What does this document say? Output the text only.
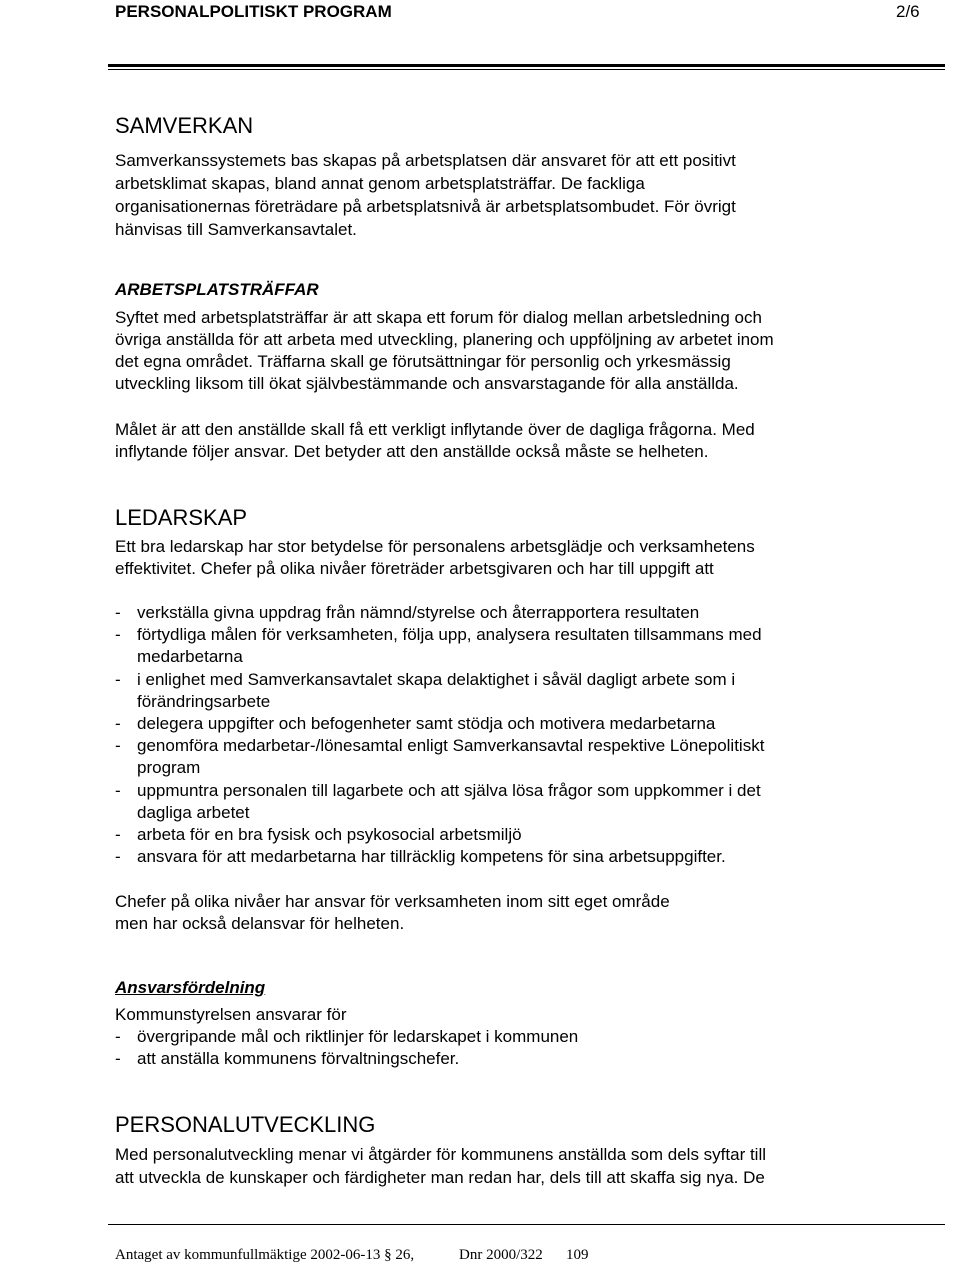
PERSONALPOLITISKT PROGRAM	2/6
SAMVERKAN
Samverkanssystemets bas skapas på arbetsplatsen där ansvaret för att ett positivt
arbetsklimat skapas, bland annat genom arbetsplatsträffar. De fackliga
organisationernas företrädare på arbetsplatsnivå är arbetsplatsombudet. För övrigt
hänvisas till Samverkansavtalet.
ARBETSPLATSTRÄFFAR
Syftet med arbetsplatsträffar är att skapa ett forum för dialog mellan arbetsledning och
övriga anställda för att arbeta med utveckling, planering och uppföljning av arbetet inom
det egna området. Träffarna skall ge förutsättningar för personlig och yrkesmässig
utveckling liksom till ökat självbestämmande och ansvarstagande för alla anställda.
Målet är att den anställde skall få ett verkligt inflytande över de dagliga frågorna. Med
inflytande följer ansvar. Det betyder att den anställde också måste se helheten.
LEDARSKAP
Ett bra ledarskap har stor betydelse för personalens arbetsglädje och verksamhetens
effektivitet. Chefer på olika nivåer företräder arbetsgivaren och har till uppgift att
- verkställa givna uppdrag från nämnd/styrelse och återrapportera resultaten
- förtydliga målen för verksamheten, följa upp, analysera resultaten tillsammans med
medarbetarna
- i enlighet med Samverkansavtalet skapa delaktighet i såväl dagligt arbete som i
förändringsarbete
- delegera uppgifter och befogenheter samt stödja och motivera medarbetarna
- genomföra medarbetar-/lönesamtal enligt Samverkansavtal respektive Lönepolitiskt
program
- uppmuntra personalen till lagarbete och att själva lösa frågor som uppkommer i det
dagliga arbetet
- arbeta för en bra fysisk och psykosocial arbetsmiljö
- ansvara för att medarbetarna har tillräcklig kompetens för sina arbetsuppgifter.
Chefer på olika nivåer har ansvar för verksamheten inom sitt eget område
men har också delansvar för helheten.
Ansvarsfördelning
Kommunstyrelsen ansvarar för
- övergripande mål och riktlinjer för ledarskapet i kommunen
- att anställa kommunens förvaltningschefer.
PERSONALUTVECKLING
Med personalutveckling menar vi åtgärder för kommunens anställda som dels syftar till
att utveckla de kunskaper och färdigheter man redan har, dels till att skaffa sig nya. De
Antaget av kommunfullmäktige 2002-06-13 § 26,	Dnr 2000/322 109
